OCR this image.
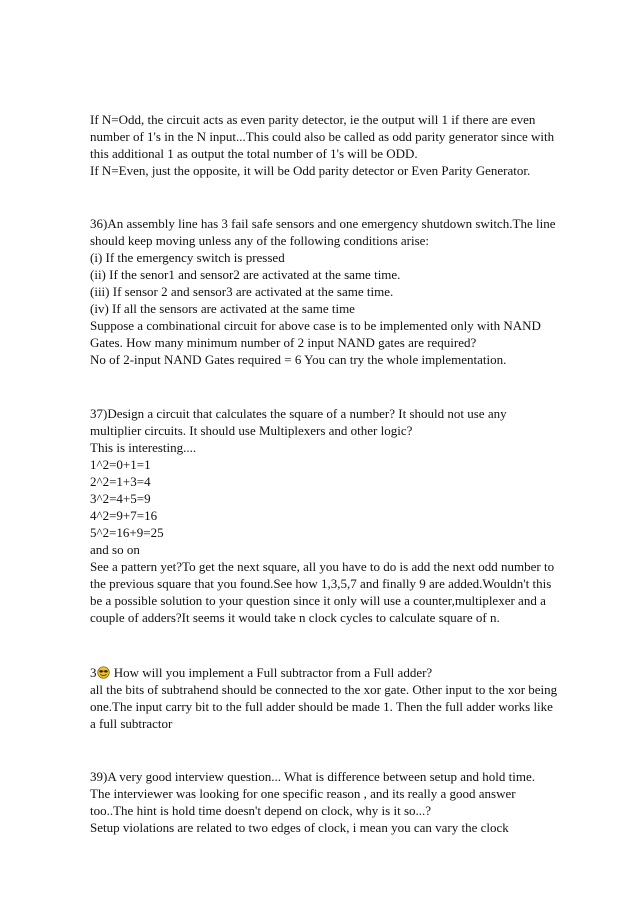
If N=Odd, the circuit acts as even parity detector, ie the output will 1 if there are even
number of 1's in the N input...This could also be called as odd parity generator since with
this additional 1 as output the total number of 1's will be ODD.
If N=Even, just the opposite, it will be Odd parity detector or Even Parity Generator.
36)An assembly line has 3 fail safe sensors and one emergency shutdown switch.The line
should keep moving unless any of the following conditions arise:
(i) If the emergency switch is pressed
(ii) If the senor1 and sensor2 are activated at the same time.
(iii) If sensor 2 and sensor3 are activated at the same time.
(iv) If all the sensors are activated at the same time
Suppose a combinational circuit for above case is to be implemented only with NAND
Gates. How many minimum number of 2 input NAND gates are required?
No of 2-input NAND Gates required = 6 You can try the whole implementation.
37)Design a circuit that calculates the square of a number? It should not use any
multiplier circuits. It should use Multiplexers and other logic?
This is interesting....
1^2=0+1=1
2^2=1+3=4
3^2=4+5=9
4^2=9+7=16
5^2=16+9=25
and so on
See a pattern yet?To get the next square, all you have to do is add the next odd number to
the previous square that you found.See how 1,3,5,7 and finally 9 are added.Wouldn't this
be a possible solution to your question since it only will use a counter,multiplexer and a
couple of adders?It seems it would take n clock cycles to calculate square of n.
3 How will you implement a Full subtractor from a Full adder?
all the bits of subtrahend should be connected to the xor gate. Other input to the xor being
one.The input carry bit to the full adder should be made 1. Then the full adder works like
a full subtractor
39)A very good interview question... What is difference between setup and hold time.
The interviewer was looking for one specific reason , and its really a good answer
too..The hint is hold time doesn't depend on clock, why is it so...?
Setup violations are related to two edges of clock, i mean you can vary the clock
